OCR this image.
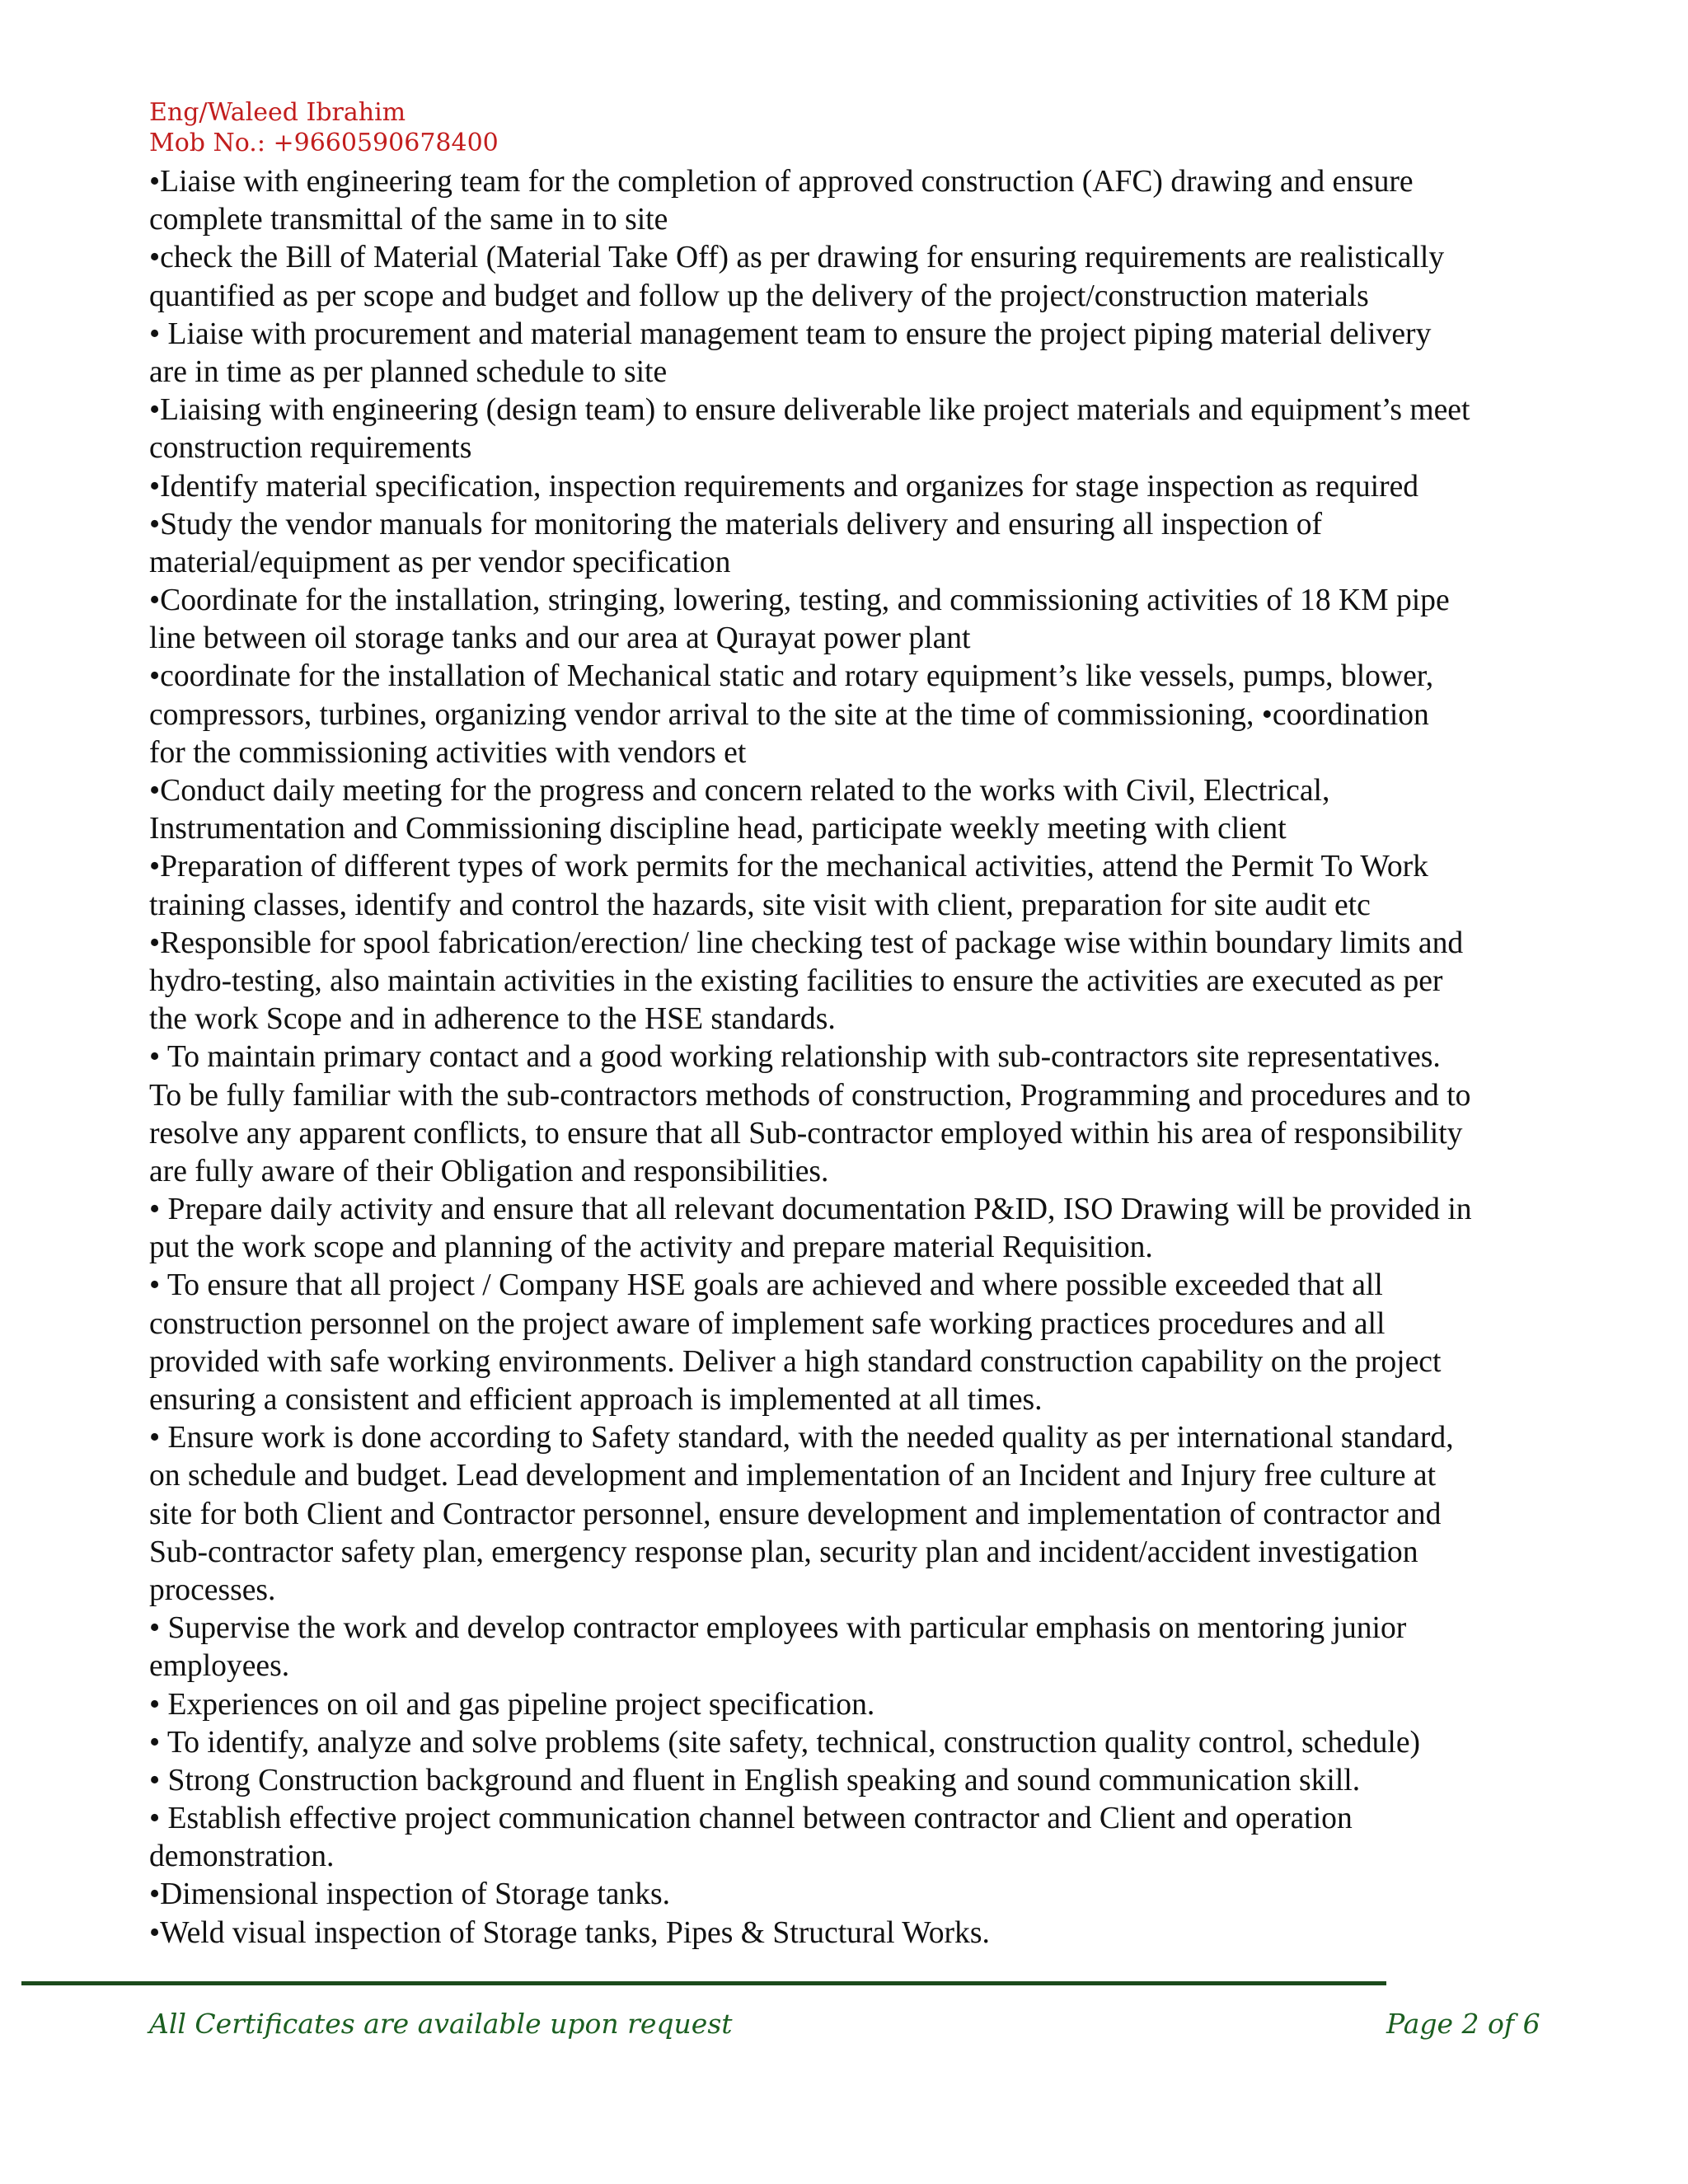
Eng/Waleed Ibrahim
Mob No.: +9660590678400
•Liaise with engineering team for the completion of approved construction (AFC) drawing and ensure
complete transmittal of the same in to site
•check the Bill of Material (Material Take Off) as per drawing for ensuring requirements are realistically
quantified as per scope and budget and follow up the delivery of the project/construction materials
• Liaise with procurement and material management team to ensure the project piping material delivery
are in time as per planned schedule to site
•Liaising with engineering (design team) to ensure deliverable like project materials and equipment’s meet
construction requirements
•Identify material specification, inspection requirements and organizes for stage inspection as required
•Study the vendor manuals for monitoring the materials delivery and ensuring all inspection of
material/equipment as per vendor specification
•Coordinate for the installation, stringing, lowering, testing, and commissioning activities of 18 KM pipe
line between oil storage tanks and our area at Qurayat power plant
•coordinate for the installation of Mechanical static and rotary equipment’s like vessels, pumps, blower,
compressors, turbines, organizing vendor arrival to the site at the time of commissioning, •coordination
for the commissioning activities with vendors et
•Conduct daily meeting for the progress and concern related to the works with Civil, Electrical,
Instrumentation and Commissioning discipline head, participate weekly meeting with client
•Preparation of different types of work permits for the mechanical activities, attend the Permit To Work
training classes, identify and control the hazards, site visit with client, preparation for site audit etc
•Responsible for spool fabrication/erection/ line checking test of package wise within boundary limits and
hydro-testing, also maintain activities in the existing facilities to ensure the activities are executed as per
the work Scope and in adherence to the HSE standards.
• To maintain primary contact and a good working relationship with sub-contractors site representatives.
To be fully familiar with the sub-contractors methods of construction, Programming and procedures and to
resolve any apparent conflicts, to ensure that all Sub-contractor employed within his area of responsibility
are fully aware of their Obligation and responsibilities.
• Prepare daily activity and ensure that all relevant documentation P&ID, ISO Drawing will be provided in
put the work scope and planning of the activity and prepare material Requisition.
• To ensure that all project / Company HSE goals are achieved and where possible exceeded that all
construction personnel on the project aware of implement safe working practices procedures and all
provided with safe working environments. Deliver a high standard construction capability on the project
ensuring a consistent and efficient approach is implemented at all times.
• Ensure work is done according to Safety standard, with the needed quality as per international standard,
on schedule and budget. Lead development and implementation of an Incident and Injury free culture at
site for both Client and Contractor personnel, ensure development and implementation of contractor and
Sub-contractor safety plan, emergency response plan, security plan and incident/accident investigation
processes.
• Supervise the work and develop contractor employees with particular emphasis on mentoring junior
employees.
• Experiences on oil and gas pipeline project specification.
• To identify, analyze and solve problems (site safety, technical, construction quality control, schedule)
• Strong Construction background and fluent in English speaking and sound communication skill.
• Establish effective project communication channel between contractor and Client and operation
demonstration.
•Dimensional inspection of Storage tanks.
•Weld visual inspection of Storage tanks, Pipes & Structural Works.
All Certificates are available upon request	Page 2 of 6
